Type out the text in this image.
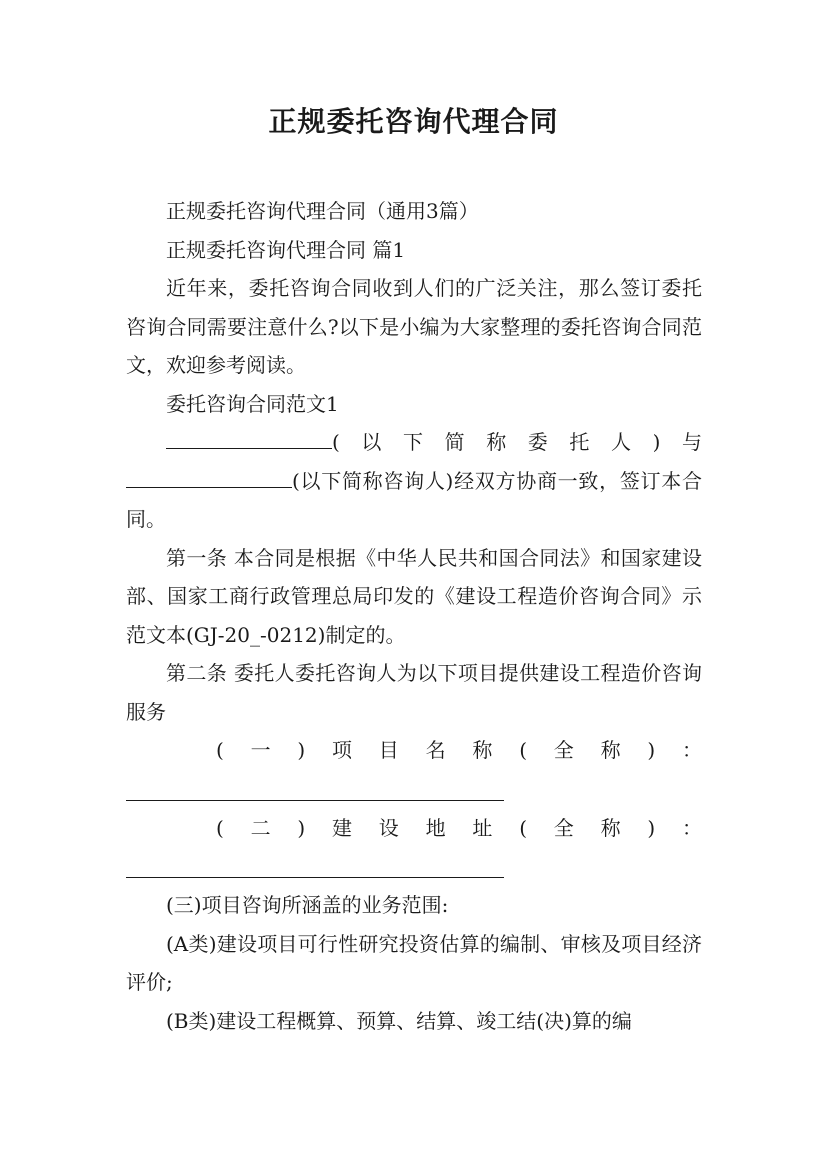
正规委托咨询代理合同

正规委托咨询代理合同（通用3篇）

正规委托咨询代理合同 篇1

近年来，委托咨询合同收到人们的广泛关注，那么签订委托咨询合同需要注意什么?以下是小编为大家整理的委托咨询合同范文，欢迎参考阅读。

委托咨询合同范文1

(以下简称委托人)与

(以下简称咨询人)经双方协商一致，签订本合同。

第一条 本合同是根据《中华人民共和国合同法》和国家建设部、国家工商行政管理总局印发的《建设工程造价咨询合同》示范文本(GJ-20_-0212)制定的。

第二条 委托人委托咨询人为以下项目提供建设工程造价咨询服务

(一)项目名称(全称)：

(二)建设地址(全称)：

(三)项目咨询所涵盖的业务范围:

(A类)建设项目可行性研究投资估算的编制、审核及项目经济评价;

(B类)建设工程概算、预算、结算、竣工结(决)算的编
